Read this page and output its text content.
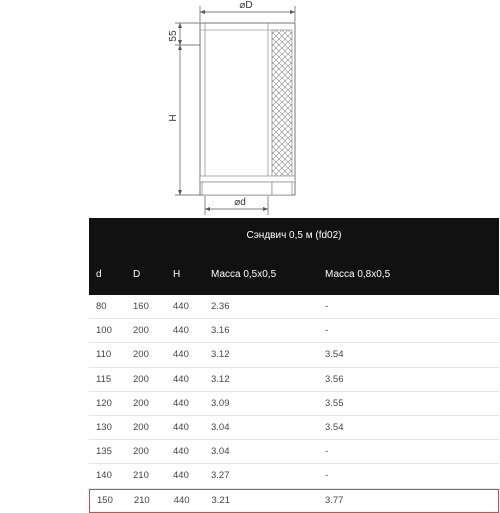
⌀D
55
H
⌀d
Сэндвич 0,5 м (fd02)
d	D	H	Масса 0,5х0,5	Масса 0,8х0,5
80	160	440	2.36	-
100	200	440	3.16	-
110	200	440	3.12	3.54
115	200	440	3.12	3.56
120	200	440	3.09	3.55
130	200	440	3.04	3.54
135	200	440	3.04	-
140	210	440	3.27	-
150	210	440	3.21	3.77
